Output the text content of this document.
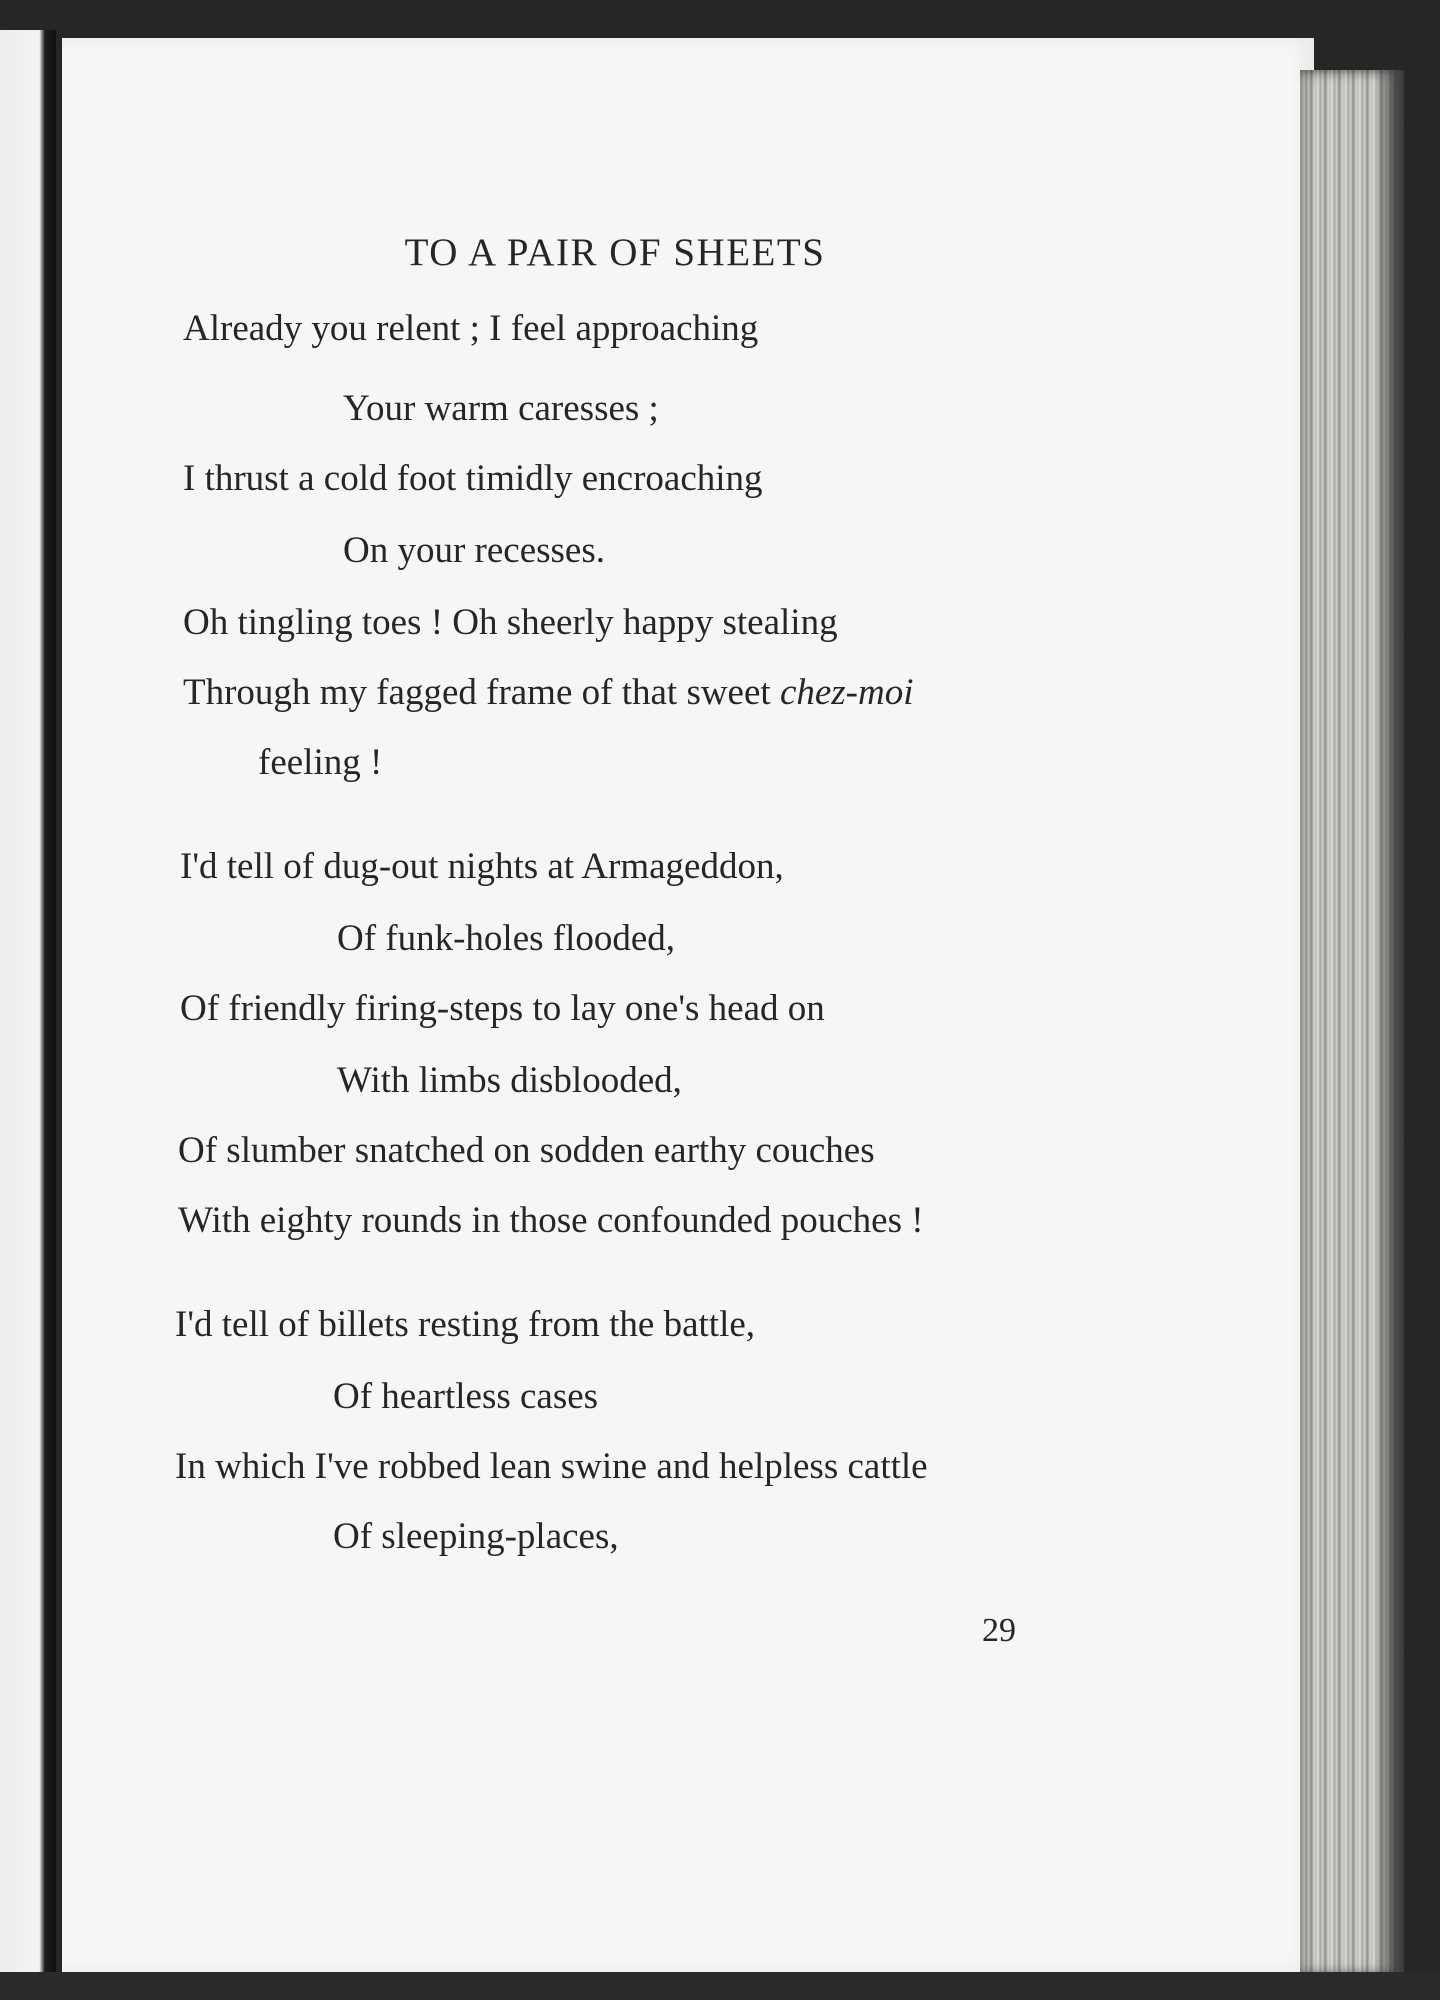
TO A PAIR OF SHEETS
Already you relent ; I feel approaching
Your warm caresses ;
I thrust a cold foot timidly encroaching
On your recesses.
Oh tingling toes ! Oh sheerly happy stealing
Through my fagged frame of that sweet chez-moi
feeling !
I'd tell of dug-out nights at Armageddon,
Of funk-holes flooded,
Of friendly firing-steps to lay one's head on
With limbs disblooded,
Of slumber snatched on sodden earthy couches
With eighty rounds in those confounded pouches !
I'd tell of billets resting from the battle,
Of heartless cases
In which I've robbed lean swine and helpless cattle
Of sleeping-places,
29
